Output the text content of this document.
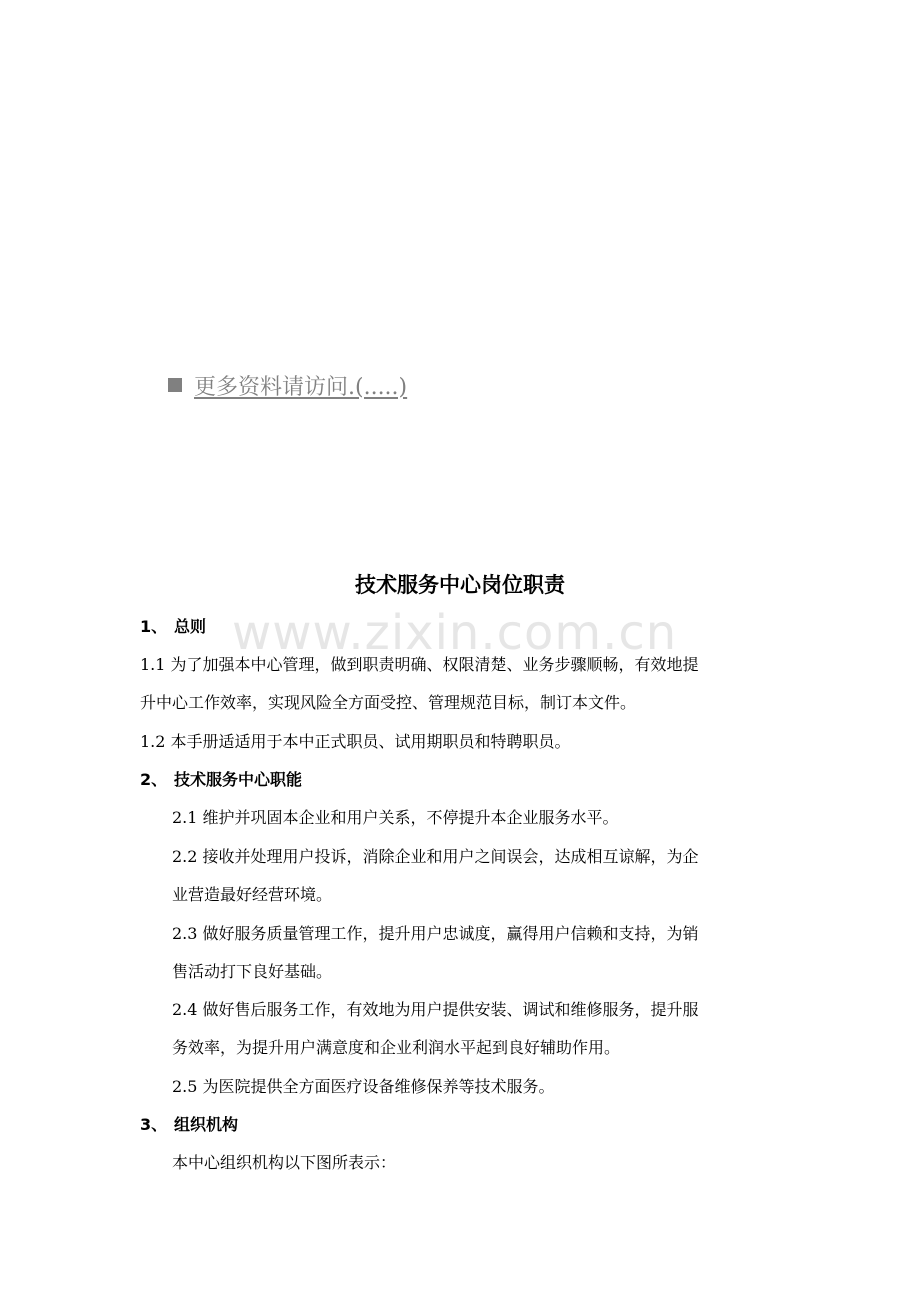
更多资料请访问.(.....)
www.zixin.com.cn
技术服务中心岗位职责
1、 总则
1.1 为了加强本中心管理，做到职责明确、权限清楚、业务步骤顺畅，有效地提
升中心工作效率，实现风险全方面受控、管理规范目标，制订本文件。
1.2 本手册适适用于本中正式职员、试用期职员和特聘职员。
2、 技术服务中心职能
2.1 维护并巩固本企业和用户关系，不停提升本企业服务水平。
2.2 接收并处理用户投诉，消除企业和用户之间误会，达成相互谅解，为企
业营造最好经营环境。
2.3 做好服务质量管理工作，提升用户忠诚度，赢得用户信赖和支持，为销
售活动打下良好基础。
2.4 做好售后服务工作，有效地为用户提供安装、调试和维修服务，提升服
务效率，为提升用户满意度和企业利润水平起到良好辅助作用。
2.5 为医院提供全方面医疗设备维修保养等技术服务。
3、 组织机构
本中心组织机构以下图所表示：
